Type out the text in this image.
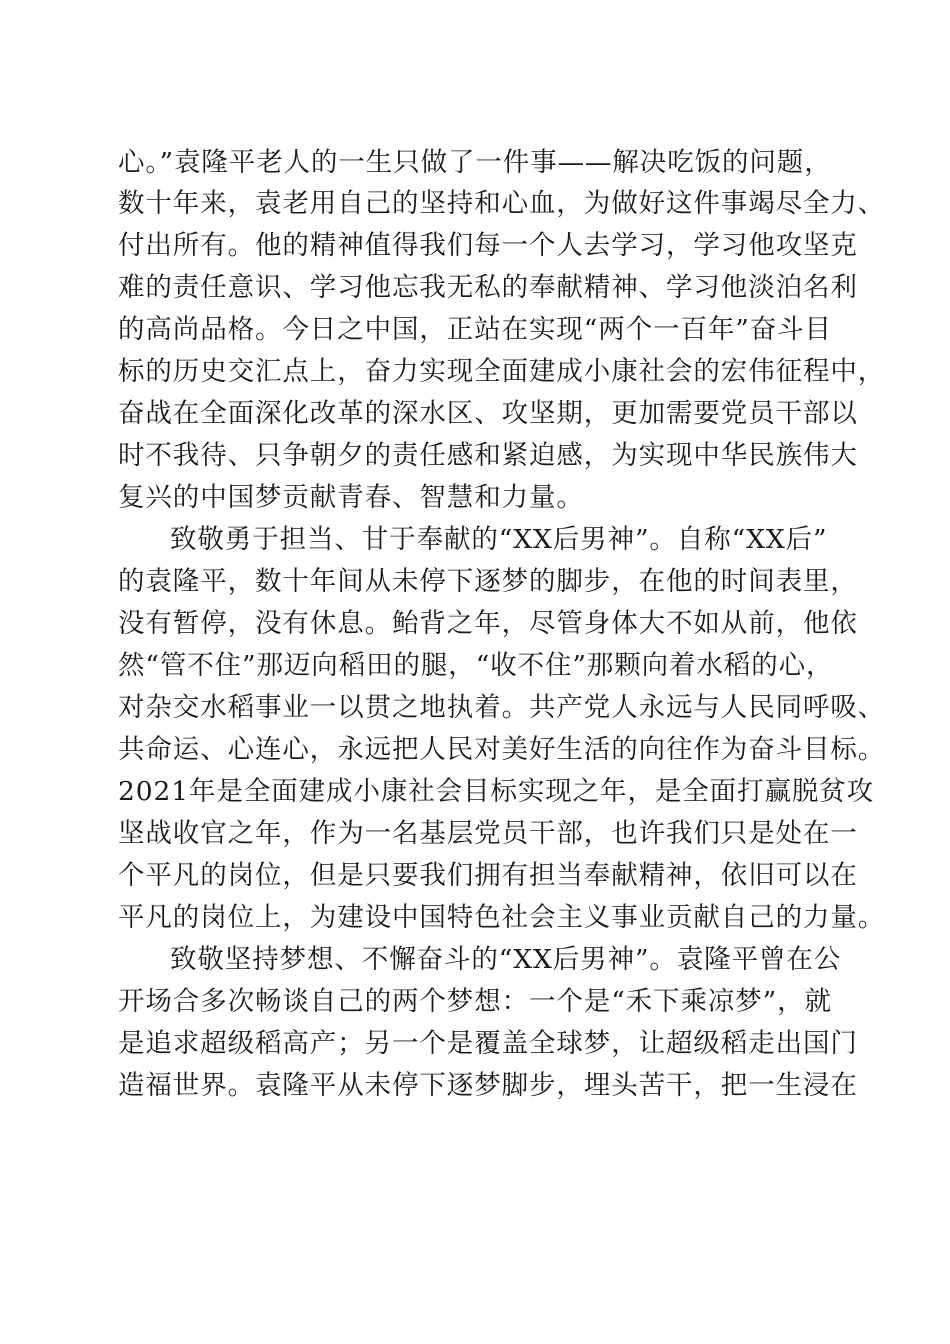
心。”袁隆平老人的一生只做了一件事——解决吃饭的问题，
数十年来，袁老用自己的坚持和心血，为做好这件事竭尽全力、
付出所有。他的精神值得我们每一个人去学习，学习他攻坚克
难的责任意识、学习他忘我无私的奉献精神、学习他淡泊名利
的高尚品格。今日之中国，正站在实现“两个一百年”奋斗目
标的历史交汇点上，奋力实现全面建成小康社会的宏伟征程中，
奋战在全面深化改革的深水区、攻坚期，更加需要党员干部以
时不我待、只争朝夕的责任感和紧迫感，为实现中华民族伟大
复兴的中国梦贡献青春、智慧和力量。
致敬勇于担当、甘于奉献的“XX后男神”。自称“XX后”
的袁隆平，数十年间从未停下逐梦的脚步，在他的时间表里，
没有暂停，没有休息。鲐背之年，尽管身体大不如从前，他依
然“管不住”那迈向稻田的腿，“收不住”那颗向着水稻的心，
对杂交水稻事业一以贯之地执着。共产党人永远与人民同呼吸、
共命运、心连心，永远把人民对美好生活的向往作为奋斗目标。
2021年是全面建成小康社会目标实现之年，是全面打赢脱贫攻
坚战收官之年，作为一名基层党员干部，也许我们只是处在一
个平凡的岗位，但是只要我们拥有担当奉献精神，依旧可以在
平凡的岗位上，为建设中国特色社会主义事业贡献自己的力量。
致敬坚持梦想、不懈奋斗的“XX后男神”。袁隆平曾在公
开场合多次畅谈自己的两个梦想：一个是“禾下乘凉梦”，就
是追求超级稻高产；另一个是覆盖全球梦，让超级稻走出国门
造福世界。袁隆平从未停下逐梦脚步，埋头苦干，把一生浸在
